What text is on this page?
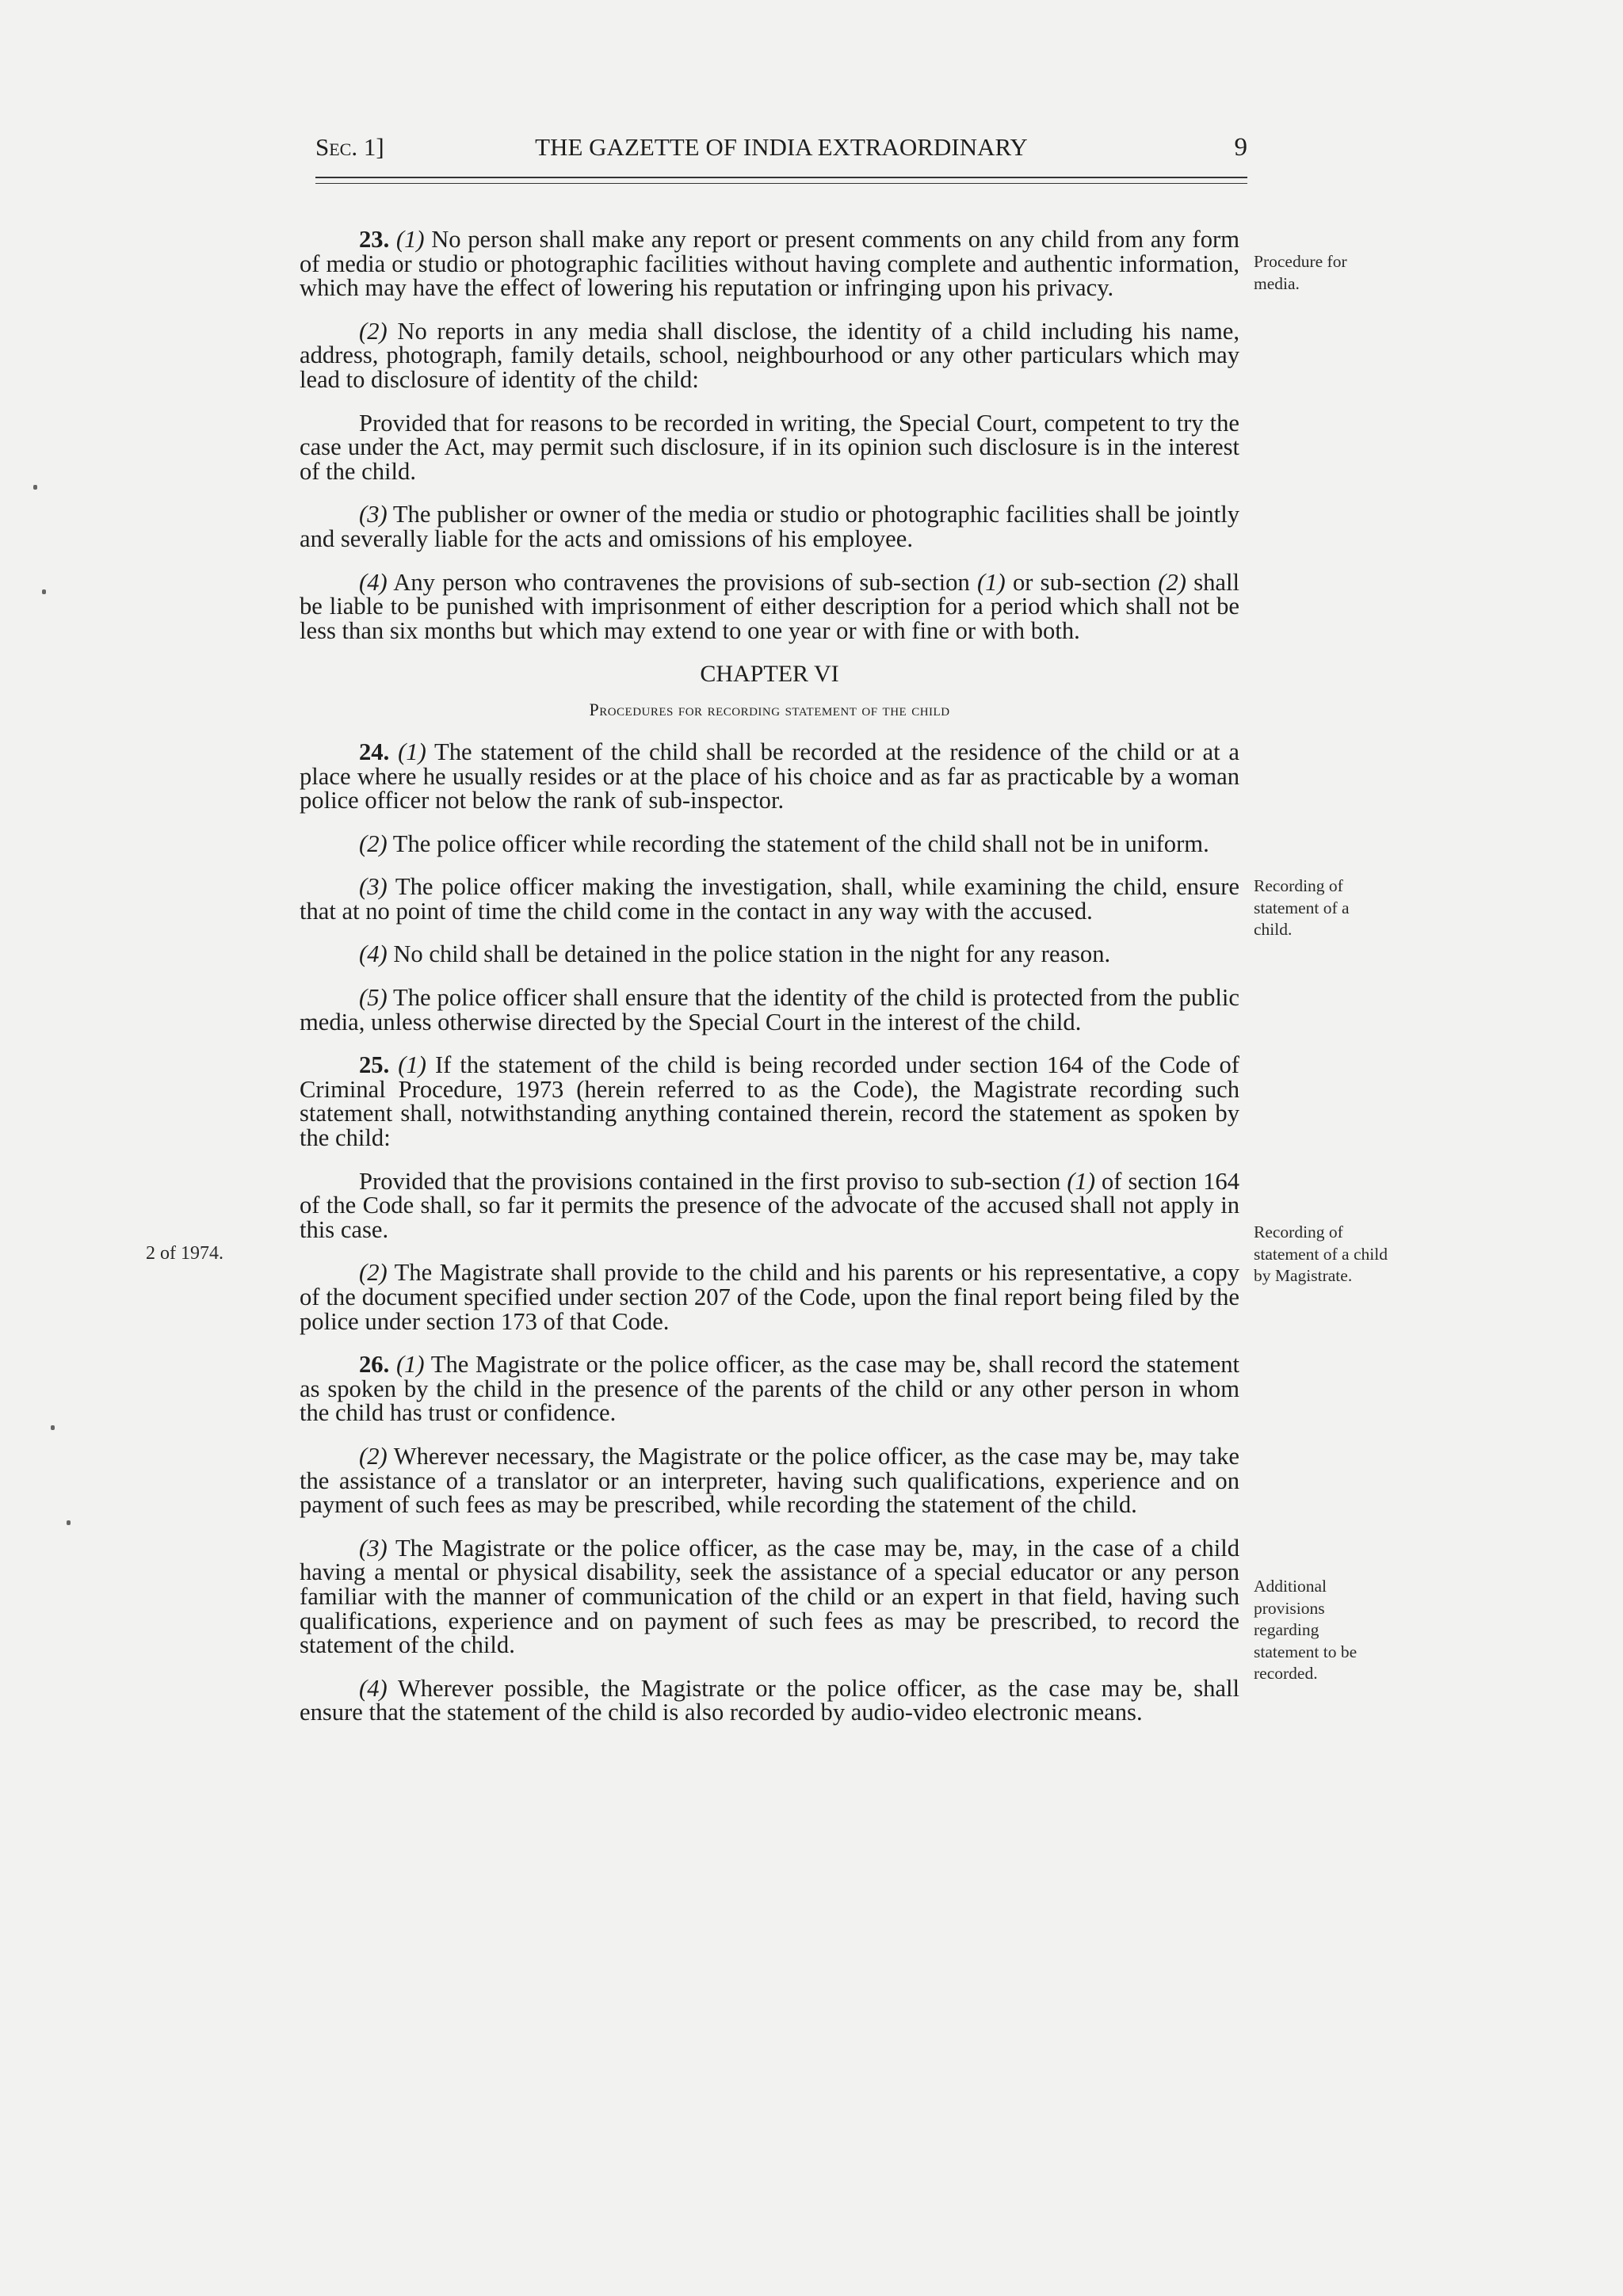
Sec. 1]	THE GAZETTE OF INDIA EXTRAORDINARY	9
Procedure for media.
Recording of statement of a child.
Recording of statement of a child by Magistrate.
Additional provisions regarding statement to be recorded.
2 of 1974.

23. (1) No person shall make any report or present comments on any child from any form of media or studio or photographic facilities without having complete and authentic information, which may have the effect of lowering his reputation or infringing upon his privacy.

(2) No reports in any media shall disclose, the identity of a child including his name, address, photograph, family details, school, neighbourhood or any other particulars which may lead to disclosure of identity of the child:

Provided that for reasons to be recorded in writing, the Special Court, competent to try the case under the Act, may permit such disclosure, if in its opinion such disclosure is in the interest of the child.

(3) The publisher or owner of the media or studio or photographic facilities shall be jointly and severally liable for the acts and omissions of his employee.

(4) Any person who contravenes the provisions of sub-section (1) or sub-section (2) shall be liable to be punished with imprisonment of either description for a period which shall not be less than six months but which may extend to one year or with fine or with both.

CHAPTER VI
Procedures for recording statement of the child

24. (1) The statement of the child shall be recorded at the residence of the child or at a place where he usually resides or at the place of his choice and as far as practicable by a woman police officer not below the rank of sub-inspector.

(2) The police officer while recording the statement of the child shall not be in uniform.

(3) The police officer making the investigation, shall, while examining the child, ensure that at no point of time the child come in the contact in any way with the accused.

(4) No child shall be detained in the police station in the night for any reason.

(5) The police officer shall ensure that the identity of the child is protected from the public media, unless otherwise directed by the Special Court in the interest of the child.

25. (1) If the statement of the child is being recorded under section 164 of the Code of Criminal Procedure, 1973 (herein referred to as the Code), the Magistrate recording such statement shall, notwithstanding anything contained therein, record the statement as spoken by the child:

Provided that the provisions contained in the first proviso to sub-section (1) of section 164 of the Code shall, so far it permits the presence of the advocate of the accused shall not apply in this case.

(2) The Magistrate shall provide to the child and his parents or his representative, a copy of the document specified under section 207 of the Code, upon the final report being filed by the police under section 173 of that Code.

26. (1) The Magistrate or the police officer, as the case may be, shall record the statement as spoken by the child in the presence of the parents of the child or any other person in whom the child has trust or confidence.

(2) Wherever necessary, the Magistrate or the police officer, as the case may be, may take the assistance of a translator or an interpreter, having such qualifications, experience and on payment of such fees as may be prescribed, while recording the statement of the child.

(3) The Magistrate or the police officer, as the case may be, may, in the case of a child having a mental or physical disability, seek the assistance of a special educator or any person familiar with the manner of communication of the child or an expert in that field, having such qualifications, experience and on payment of such fees as may be prescribed, to record the statement of the child.

(4) Wherever possible, the Magistrate or the police officer, as the case may be, shall ensure that the statement of the child is also recorded by audio-video electronic means.
